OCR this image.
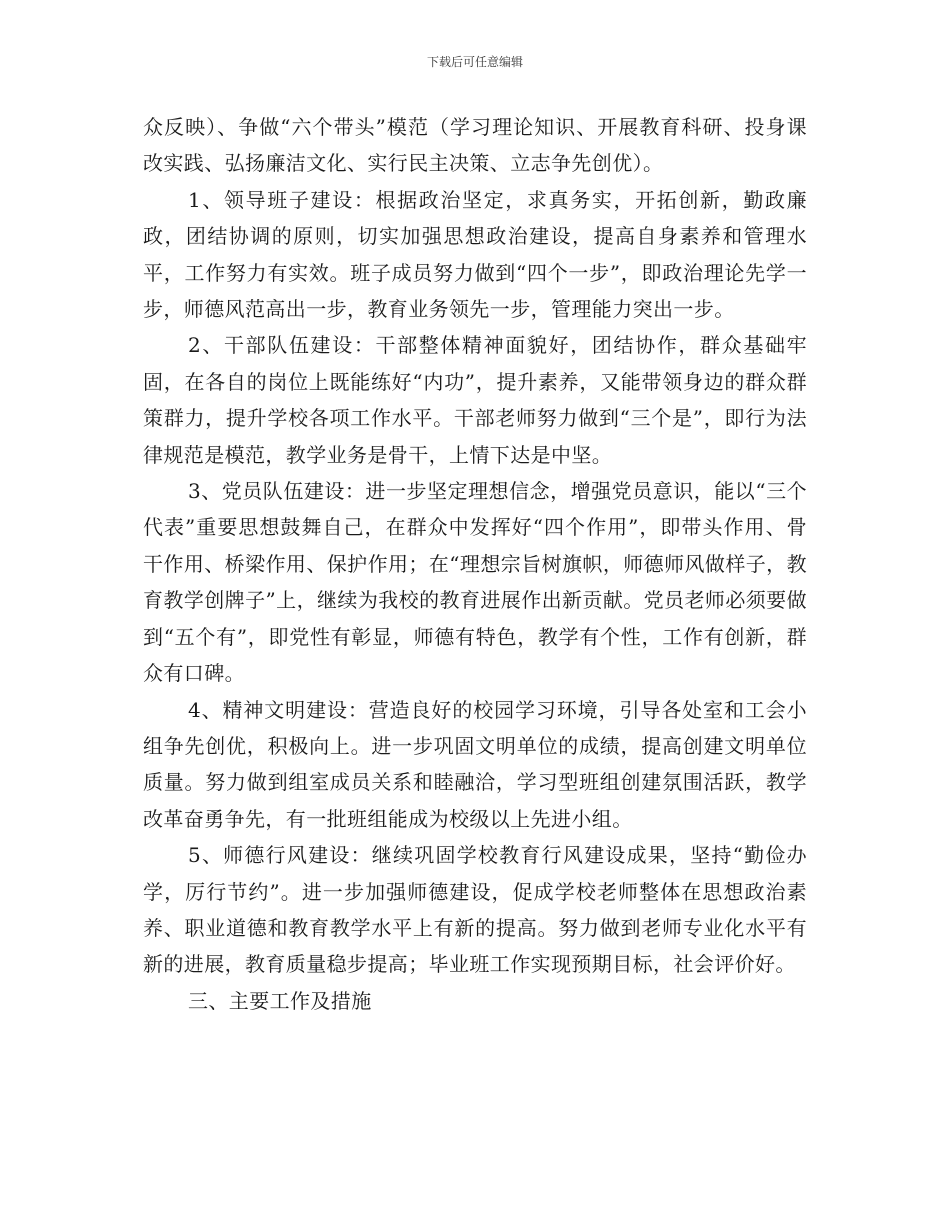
下载后可任意编辑

众反映）、争做“六个带头”模范（学习理论知识、开展教育科研、投身课改实践、弘扬廉洁文化、实行民主决策、立志争先创优）。

1、领导班子建设：根据政治坚定，求真务实，开拓创新，勤政廉政，团结协调的原则，切实加强思想政治建设，提高自身素养和管理水平，工作努力有实效。班子成员努力做到“四个一步”，即政治理论先学一步，师德风范高出一步，教育业务领先一步，管理能力突出一步。

2、干部队伍建设：干部整体精神面貌好，团结协作，群众基础牢固，在各自的岗位上既能练好“内功”，提升素养，又能带领身边的群众群策群力，提升学校各项工作水平。干部老师努力做到“三个是”，即行为法律规范是模范，教学业务是骨干，上情下达是中坚。

3、党员队伍建设：进一步坚定理想信念，增强党员意识，能以“三个代表”重要思想鼓舞自己，在群众中发挥好“四个作用”，即带头作用、骨干作用、桥梁作用、保护作用；在“理想宗旨树旗帜，师德师风做样子，教育教学创牌子”上，继续为我校的教育进展作出新贡献。党员老师必须要做到“五个有”，即党性有彰显，师德有特色，教学有个性，工作有创新，群众有口碑。

4、精神文明建设：营造良好的校园学习环境，引导各处室和工会小组争先创优，积极向上。进一步巩固文明单位的成绩，提高创建文明单位质量。努力做到组室成员关系和睦融洽，学习型班组创建氛围活跃，教学改革奋勇争先，有一批班组能成为校级以上先进小组。

5、师德行风建设：继续巩固学校教育行风建设成果，坚持“勤俭办学，厉行节约”。进一步加强师德建设，促成学校老师整体在思想政治素养、职业道德和教育教学水平上有新的提高。努力做到老师专业化水平有新的进展，教育质量稳步提高；毕业班工作实现预期目标，社会评价好。

三、主要工作及措施
